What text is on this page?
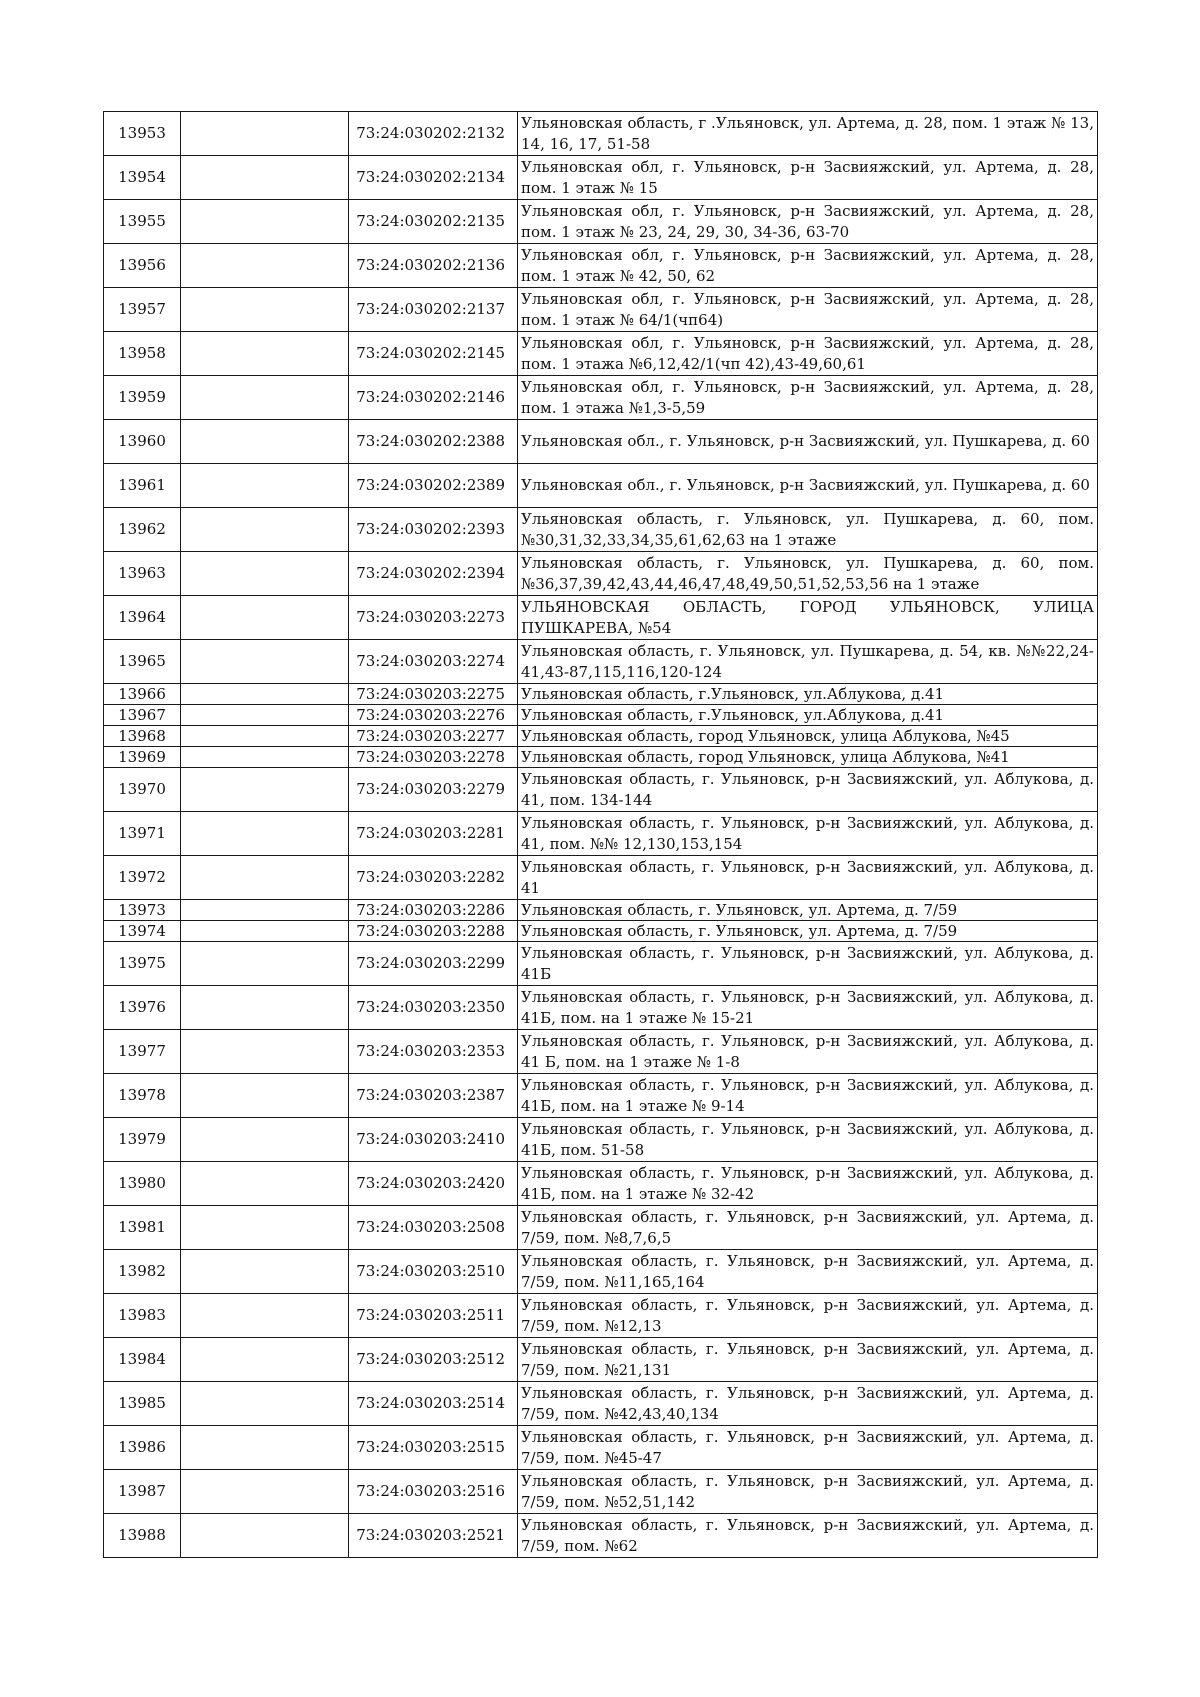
13953		73:24:030202:2132	Ульяновская область, г .Ульяновск, ул. Артема, д. 28, пом. 1 этаж № 13, 14, 16, 17, 51-58
13954		73:24:030202:2134	Ульяновская обл, г. Ульяновск, р-н Засвияжский, ул. Артема, д. 28, пом. 1 этаж № 15
13955		73:24:030202:2135	Ульяновская обл, г. Ульяновск, р-н Засвияжский, ул. Артема, д. 28, пом. 1 этаж № 23, 24, 29, 30, 34-36, 63-70
13956		73:24:030202:2136	Ульяновская обл, г. Ульяновск, р-н Засвияжский, ул. Артема, д. 28, пом. 1 этаж № 42, 50, 62
13957		73:24:030202:2137	Ульяновская обл, г. Ульяновск, р-н Засвияжский, ул. Артема, д. 28, пом. 1 этаж № 64/1(чп64)
13958		73:24:030202:2145	Ульяновская обл, г. Ульяновск, р-н Засвияжский, ул. Артема, д. 28, пом. 1 этажа №6,12,42/1(чп 42),43-49,60,61
13959		73:24:030202:2146	Ульяновская обл, г. Ульяновск, р-н Засвияжский, ул. Артема, д. 28, пом. 1 этажа №1,3-5,59
13960		73:24:030202:2388	Ульяновская обл., г. Ульяновск, р-н Засвияжский, ул. Пушкарева, д. 60
13961		73:24:030202:2389	Ульяновская обл., г. Ульяновск, р-н Засвияжский, ул. Пушкарева, д. 60
13962		73:24:030202:2393	Ульяновская область, г. Ульяновск, ул. Пушкарева, д. 60, пом. №30,31,32,33,34,35,61,62,63 на 1 этаже
13963		73:24:030202:2394	Ульяновская область, г. Ульяновск, ул. Пушкарева, д. 60, пом. №36,37,39,42,43,44,46,47,48,49,50,51,52,53,56 на 1 этаже
13964		73:24:030203:2273	УЛЬЯНОВСКАЯ ОБЛАСТЬ, ГОРОД УЛЬЯНОВСК, УЛИЦА ПУШКАРЕВА, №54
13965		73:24:030203:2274	Ульяновская область, г. Ульяновск, ул. Пушкарева, д. 54, кв. №№22,24-41,43-87,115,116,120-124
13966		73:24:030203:2275	Ульяновская область, г.Ульяновск, ул.Аблукова, д.41
13967		73:24:030203:2276	Ульяновская область, г.Ульяновск, ул.Аблукова, д.41
13968		73:24:030203:2277	Ульяновская область, город Ульяновск, улица Аблукова, №45
13969		73:24:030203:2278	Ульяновская область, город Ульяновск, улица Аблукова, №41
13970		73:24:030203:2279	Ульяновская область, г. Ульяновск, р-н Засвияжский, ул. Аблукова, д. 41, пом. 134-144
13971		73:24:030203:2281	Ульяновская область, г. Ульяновск, р-н Засвияжский, ул. Аблукова, д. 41, пом. №№ 12,130,153,154
13972		73:24:030203:2282	Ульяновская область, г. Ульяновск, р-н Засвияжский, ул. Аблукова, д. 41
13973		73:24:030203:2286	Ульяновская область, г. Ульяновск, ул. Артема, д. 7/59
13974		73:24:030203:2288	Ульяновская область, г. Ульяновск, ул. Артема, д. 7/59
13975		73:24:030203:2299	Ульяновская область, г. Ульяновск, р-н Засвияжский, ул. Аблукова, д. 41Б
13976		73:24:030203:2350	Ульяновская область, г. Ульяновск, р-н Засвияжский, ул. Аблукова, д. 41Б, пом. на 1 этаже № 15-21
13977		73:24:030203:2353	Ульяновская область, г. Ульяновск, р-н Засвияжский, ул. Аблукова, д. 41 Б, пом. на 1 этаже № 1-8
13978		73:24:030203:2387	Ульяновская область, г. Ульяновск, р-н Засвияжский, ул. Аблукова, д. 41Б, пом. на 1 этаже № 9-14
13979		73:24:030203:2410	Ульяновская область, г. Ульяновск, р-н Засвияжский, ул. Аблукова, д. 41Б, пом. 51-58
13980		73:24:030203:2420	Ульяновская область, г. Ульяновск, р-н Засвияжский, ул. Аблукова, д. 41Б, пом. на 1 этаже № 32-42
13981		73:24:030203:2508	Ульяновская область, г. Ульяновск, р-н Засвияжский, ул. Артема, д. 7/59, пом. №8,7,6,5
13982		73:24:030203:2510	Ульяновская область, г. Ульяновск, р-н Засвияжский, ул. Артема, д. 7/59, пом. №11,165,164
13983		73:24:030203:2511	Ульяновская область, г. Ульяновск, р-н Засвияжский, ул. Артема, д. 7/59, пом. №12,13
13984		73:24:030203:2512	Ульяновская область, г. Ульяновск, р-н Засвияжский, ул. Артема, д. 7/59, пом. №21,131
13985		73:24:030203:2514	Ульяновская область, г. Ульяновск, р-н Засвияжский, ул. Артема, д. 7/59, пом. №42,43,40,134
13986		73:24:030203:2515	Ульяновская область, г. Ульяновск, р-н Засвияжский, ул. Артема, д. 7/59, пом. №45-47
13987		73:24:030203:2516	Ульяновская область, г. Ульяновск, р-н Засвияжский, ул. Артема, д. 7/59, пом. №52,51,142
13988		73:24:030203:2521	Ульяновская область, г. Ульяновск, р-н Засвияжский, ул. Артема, д. 7/59, пом. №62
